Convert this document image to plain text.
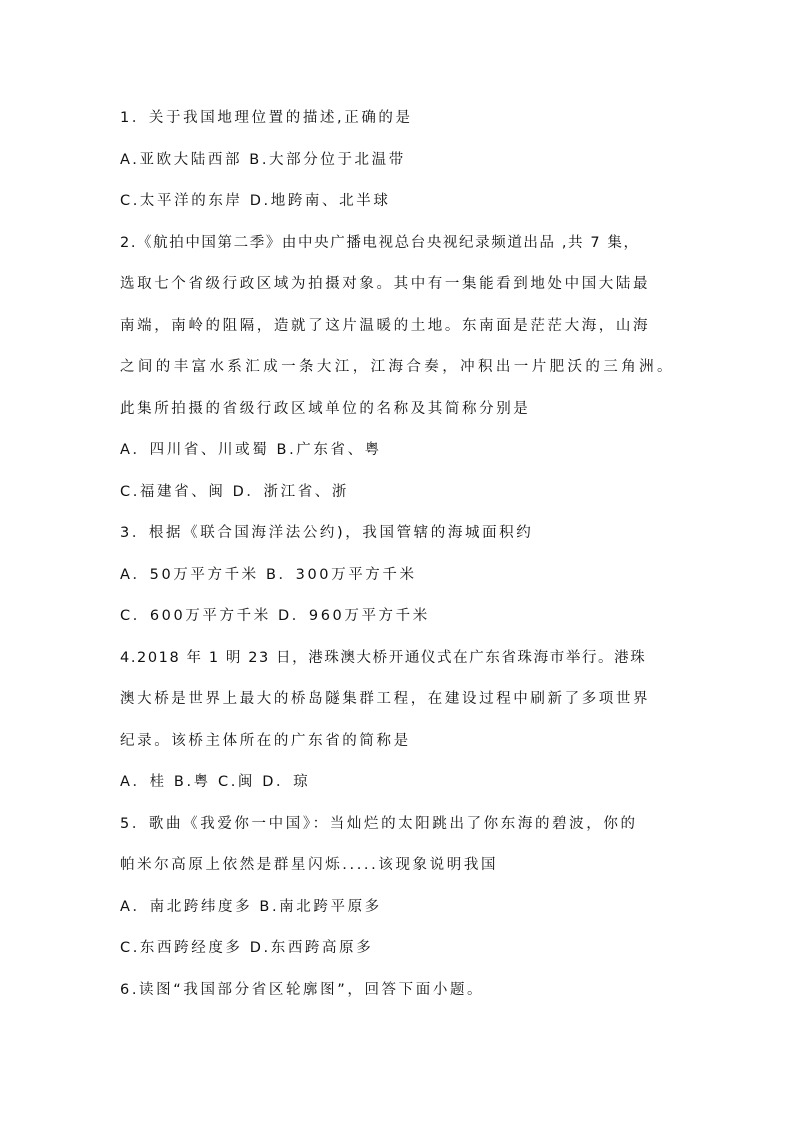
1．关于我国地理位置的描述,正确的是
A.亚欧大陆西部 B.大部分位于北温带
C.太平洋的东岸 D.地跨南、北半球
2.《航拍中国第二季》由中央广播电视总台央视纪录频道出品 ,共 7 集，
选取七个省级行政区域为拍摄对象。其中有一集能看到地处中国大陆最
南端，南岭的阻隔，造就了这片温暖的土地。东南面是茫茫大海，山海
之间的丰富水系汇成一条大江，江海合奏，冲积出一片肥沃的三角洲。
此集所拍摄的省级行政区域单位的名称及其简称分别是
A．四川省、川或蜀 B.广东省、粤
C.福建省、闽 D．浙江省、浙
3．根据《联合国海洋法公约)，我国管辖的海城面积约
A．50万平方千米 B．300万平方千米
C．600万平方千米 D．960万平方千米
4.2018 年 1 明 23 日，港珠澳大桥开通仪式在广东省珠海市举行。港珠
澳大桥是世界上最大的桥岛隧集群工程，在建设过程中刷新了多项世界
纪录。该桥主体所在的广东省的简称是
A．桂 B.粤 C.闽 D．琼
5．歌曲《我爱你一中国》：当灿烂的太阳跳出了你东海的碧波，你的
帕米尔高原上依然是群星闪烁.....该现象说明我国
A．南北跨纬度多 B.南北跨平原多
C.东西跨经度多 D.东西跨高原多
6.读图“我国部分省区轮廓图”，回答下面小题。
